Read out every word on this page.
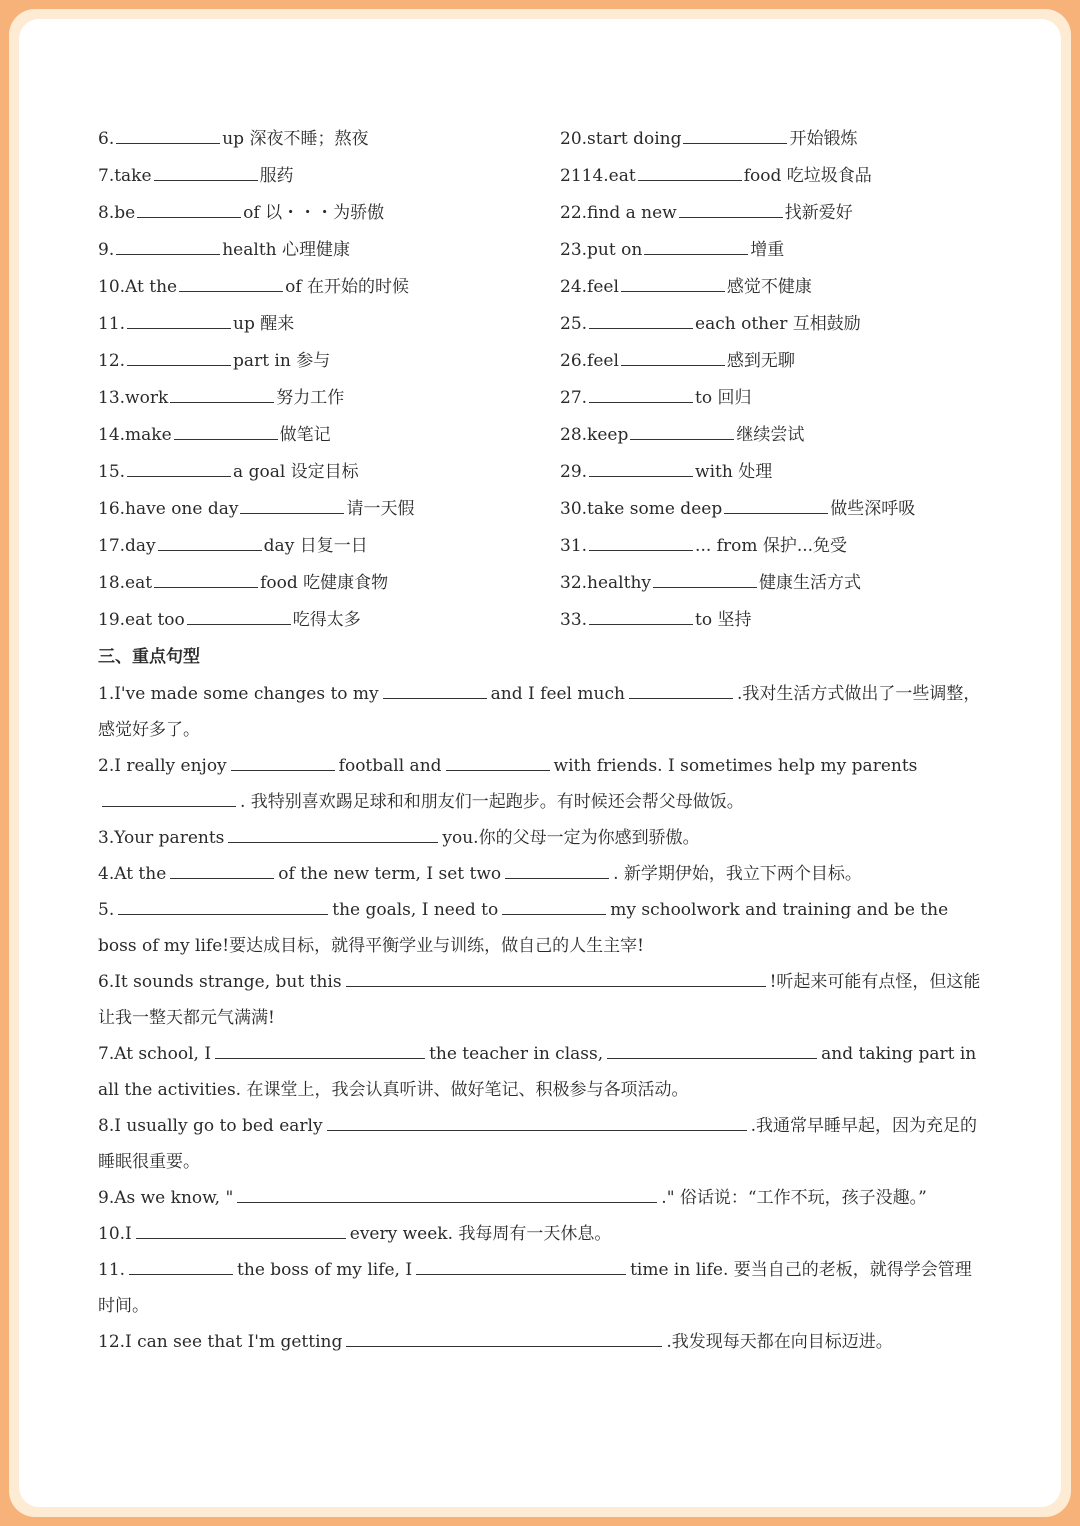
6.	up 深夜不睡；熬夜
7.take	服药
8.be	of 以・・・为骄傲
9.	health 心理健康
10.At the	of 在开始的时候
11.	up 醒来
12.	part in 参与
13.work	努力工作
14.make	做笔记
15.	a goal 设定目标
16.have one day	请一天假
17.day	day 日复一日
18.eat	food 吃健康食物
19.eat too	吃得太多
20.start doing	开始锻炼
2114.eat	food 吃垃圾食品
22.find a new	找新爱好
23.put on	增重
24.feel	感觉不健康
25.	each other 互相鼓励
26.feel	感到无聊
27.	to 回归
28.keep	继续尝试
29.	with 处理
30.take some deep	做些深呼吸
31.	... from 保护...免受
32.healthy	健康生活方式
33.	to 坚持
三、重点句型
1.I've made some changes to my	and I feel much	.我对生活方式做出了一些调整，感觉好多了。
2.I really enjoy	football and	with friends. I sometimes help my parents. 我特别喜欢踢足球和和朋友们一起跑步。有时候还会帮父母做饭。
3.Your parents	you.你的父母一定为你感到骄傲。
4.At the	of the new term, I set two	. 新学期伊始，我立下两个目标。
5.	the goals, I need to	my schoolwork and training and be the boss of my life!要达成目标，就得平衡学业与训练，做自己的人生主宰!
6.It sounds strange, but this	!听起来可能有点怪，但这能让我一整天都元气满满!
7.At school, I	the teacher in class,	and taking part in all the activities. 在课堂上，我会认真听讲、做好笔记、积极参与各项活动。
8.I usually go to bed early	.我通常早睡早起，因为充足的睡眠很重要。
9.As we know, "	." 俗话说：“工作不玩，孩子没趣。”
10.I	every week. 我每周有一天休息。
11.	the boss of my life, I	time in life. 要当自己的老板，就得学会管理时间。
12.I can see that I'm getting	.我发现每天都在向目标迈进。
